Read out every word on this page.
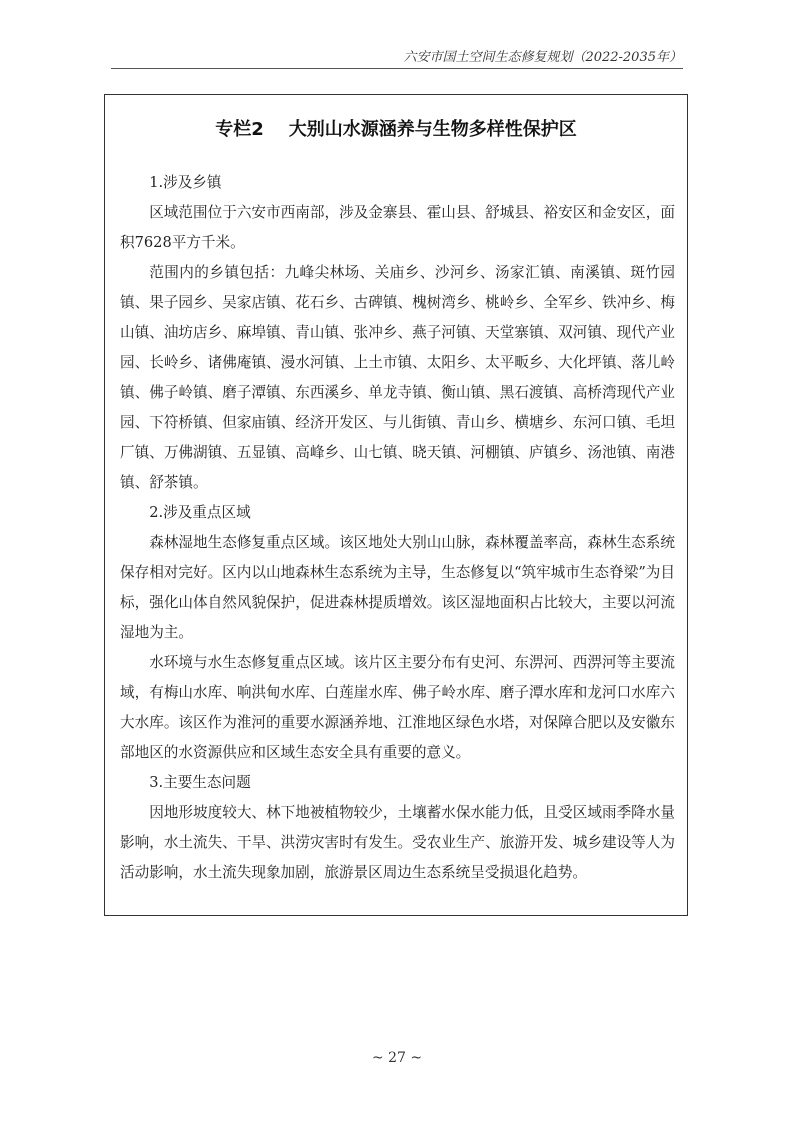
六安市国土空间生态修复规划（2022-2035年）
专栏2    大别山水源涵养与生物多样性保护区

1.涉及乡镇

区域范围位于六安市西南部，涉及金寨县、霍山县、舒城县、裕安区和金安区，面积7628平方千米。

范围内的乡镇包括：九峰尖林场、关庙乡、沙河乡、汤家汇镇、南溪镇、斑竹园镇、果子园乡、吴家店镇、花石乡、古碑镇、槐树湾乡、桃岭乡、全军乡、铁冲乡、梅山镇、油坊店乡、麻埠镇、青山镇、张冲乡、燕子河镇、天堂寨镇、双河镇、现代产业园、长岭乡、诸佛庵镇、漫水河镇、上土市镇、太阳乡、太平畈乡、大化坪镇、落儿岭镇、佛子岭镇、磨子潭镇、东西溪乡、单龙寺镇、衡山镇、黑石渡镇、高桥湾现代产业园、下符桥镇、但家庙镇、经济开发区、与儿街镇、青山乡、横塘乡、东河口镇、毛坦厂镇、万佛湖镇、五显镇、高峰乡、山七镇、晓天镇、河棚镇、庐镇乡、汤池镇、南港镇、舒茶镇。

2.涉及重点区域

森林湿地生态修复重点区域。该区地处大别山山脉，森林覆盖率高，森林生态系统保存相对完好。区内以山地森林生态系统为主导，生态修复以“筑牢城市生态脊梁”为目标，强化山体自然风貌保护，促进森林提质增效。该区湿地面积占比较大，主要以河流湿地为主。

水环境与水生态修复重点区域。该片区主要分布有史河、东淠河、西淠河等主要流域，有梅山水库、响洪甸水库、白莲崖水库、佛子岭水库、磨子潭水库和龙河口水库六大水库。该区作为淮河的重要水源涵养地、江淮地区绿色水塔，对保障合肥以及安徽东部地区的水资源供应和区域生态安全具有重要的意义。

3.主要生态问题

因地形坡度较大、林下地被植物较少，土壤蓄水保水能力低，且受区域雨季降水量影响，水土流失、干旱、洪涝灾害时有发生。受农业生产、旅游开发、城乡建设等人为活动影响，水土流失现象加剧，旅游景区周边生态系统呈受损退化趋势。

~ 27 ~
